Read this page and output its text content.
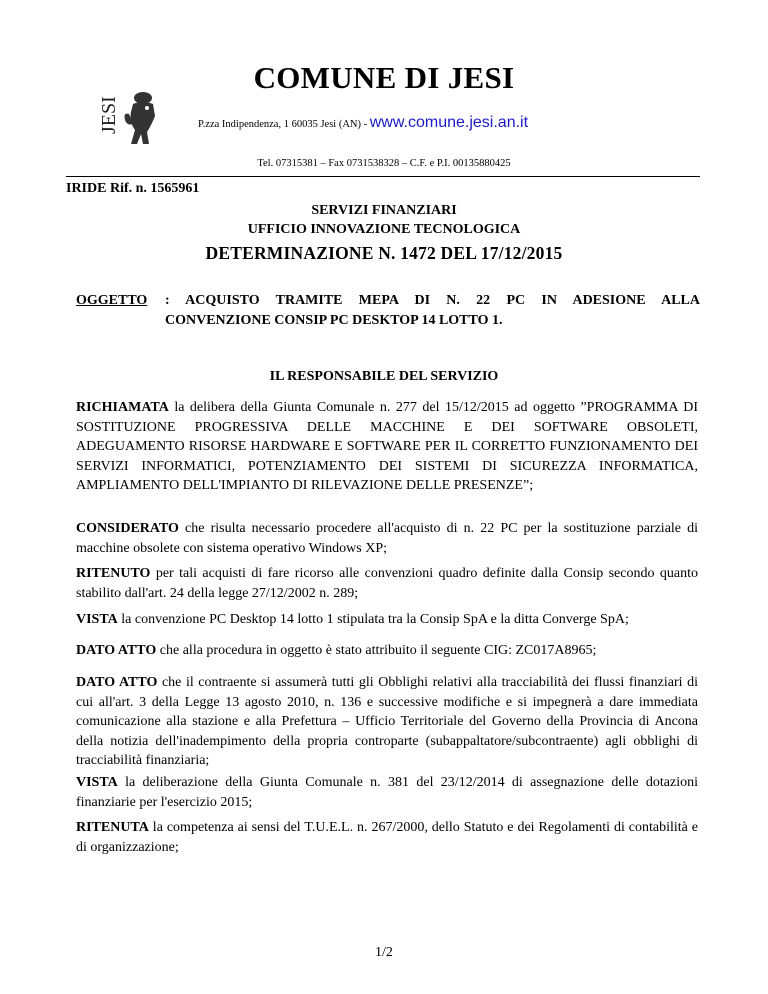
JESI
COMUNE DI JESI
P.zza Indipendenza, 1 60035 Jesi (AN) - www.comune.jesi.an.it
Tel. 07315381 – Fax 0731538328 – C.F. e P.I. 00135880425
IRIDE Rif. n. 1565961
SERVIZI FINANZIARI
UFFICIO INNOVAZIONE TECNOLOGICA
DETERMINAZIONE N. 1472 DEL 17/12/2015
OGGETTO : ACQUISTO TRAMITE MEPA DI N. 22 PC IN ADESIONE ALLA
CONVENZIONE CONSIP PC DESKTOP 14 LOTTO 1.
IL RESPONSABILE DEL SERVIZIO
RICHIAMATA la delibera della Giunta Comunale n. 277 del 15/12/2015 ad oggetto ”PROGRAMMA DI SOSTITUZIONE PROGRESSIVA DELLE MACCHINE E DEI SOFTWARE OBSOLETI, ADEGUAMENTO RISORSE HARDWARE E SOFTWARE PER IL CORRETTO FUNZIONAMENTO DEI SERVIZI INFORMATICI, POTENZIAMENTO DEI SISTEMI DI SICUREZZA INFORMATICA, AMPLIAMENTO DELL'IMPIANTO DI RILEVAZIONE DELLE PRESENZE”;
CONSIDERATO che risulta necessario procedere all'acquisto di n. 22 PC per la sostituzione parziale di macchine obsolete con sistema operativo Windows XP;
RITENUTO per tali acquisti di fare ricorso alle convenzioni quadro definite dalla Consip secondo quanto stabilito dall'art. 24 della legge 27/12/2002 n. 289;
VISTA la convenzione PC Desktop 14 lotto 1 stipulata tra la Consip SpA e la ditta Converge SpA;
DATO ATTO che alla procedura in oggetto è stato attribuito il seguente CIG: ZC017A8965;
DATO ATTO che il contraente si assumerà tutti gli Obblighi relativi alla tracciabilità dei flussi finanziari di cui all'art. 3 della Legge 13 agosto 2010, n. 136 e successive modifiche e si impegnerà a dare immediata comunicazione alla stazione e alla Prefettura – Ufficio Territoriale del Governo della Provincia di Ancona della notizia dell'inadempimento della propria controparte (subappaltatore/subcontraente) agli obblighi di tracciabilità finanziaria;
VISTA la deliberazione della Giunta Comunale n. 381 del 23/12/2014 di assegnazione delle dotazioni finanziarie per l'esercizio 2015;
RITENUTA la competenza ai sensi del T.U.E.L. n. 267/2000, dello Statuto e dei Regolamenti di contabilità e di organizzazione;
1/2
